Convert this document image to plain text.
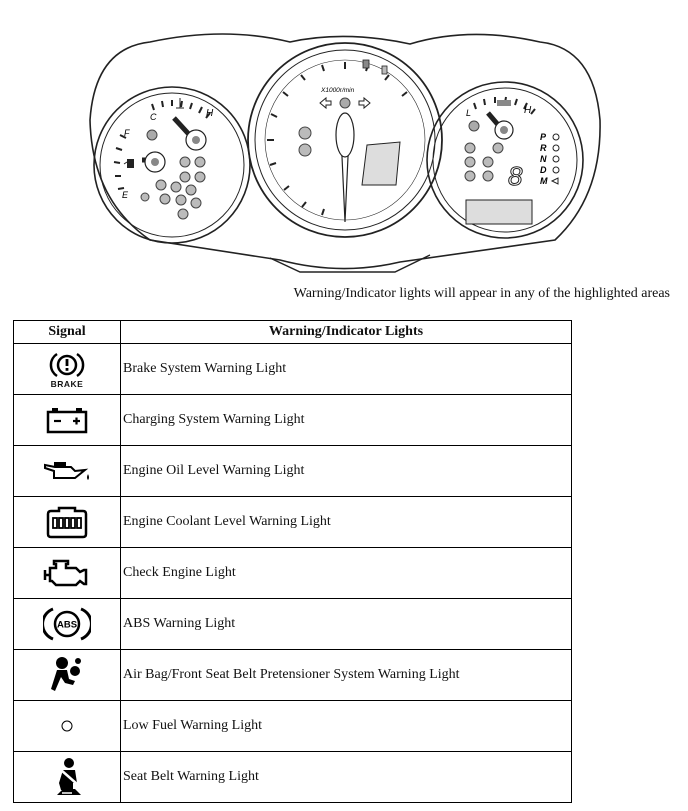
C	H
F
E
X1000r/min
L	H
P
R
N
D
M
8
Warning/Indicator lights will appear in any of the highlighted areas
Signal	Warning/Indicator Lights

BRAKE	Brake System Warning Light

	Charging System Warning Light

	Engine Oil Level Warning Light

	Engine Coolant Level Warning Light

	Check Engine Light

ABS	ABS Warning Light

	Air Bag/Front Seat Belt Pretensioner System Warning Light

	Low Fuel Warning Light

	Seat Belt Warning Light
